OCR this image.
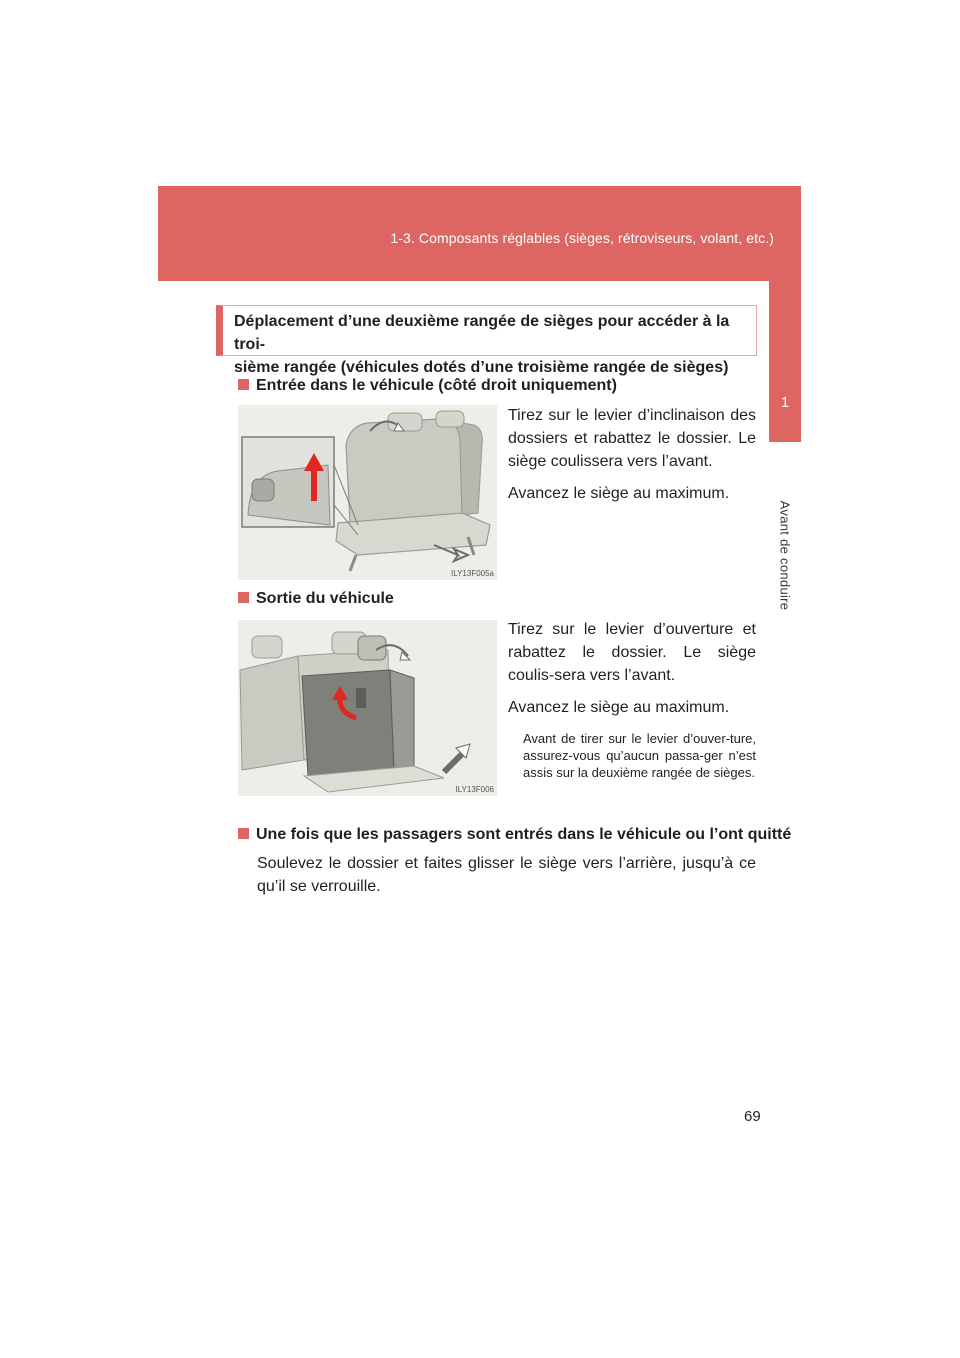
1-3. Composants réglables (sièges, rétroviseurs, volant, etc.)
1
Avant de conduire

Déplacement d’une deuxième rangée de sièges pour accéder à la troi-

sième rangée (véhicules dotés d’une troisième rangée de sièges)

Entrée dans le véhicule (côté droit uniquement)
ILY13F005a

Tirez sur le levier d’inclinaison des dossiers et rabattez le dossier. Le siège coulissera vers l’avant.

Avancez le siège au maximum.

Sortie du véhicule
ILY13F006

Tirez sur le levier d’ouverture et rabattez le dossier. Le siège coulis-sera vers l’avant.

Avancez le siège au maximum.

Avant de tirer sur le levier d’ouver-ture, assurez-vous qu’aucun passa-ger n’est assis sur la deuxième rangée de sièges.

Une fois que les passagers sont entrés dans le véhicule ou l’ont quitté

Soulevez le dossier et faites glisser le siège vers l’arrière, jusqu’à ce qu’il se verrouille.

69
